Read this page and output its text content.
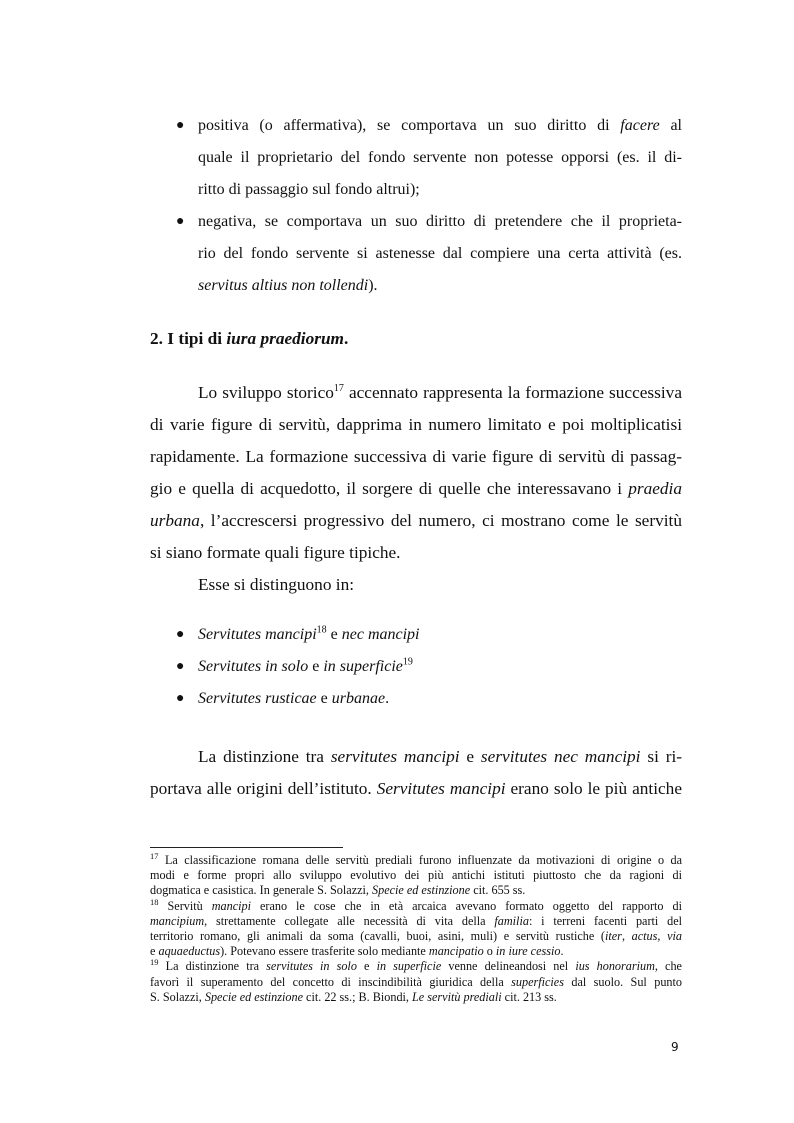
● positiva (o affermativa), se comportava un suo diritto di facere al
quale il proprietario del fondo servente non potesse opporsi (es. il di-
ritto di passaggio sul fondo altrui);
● negativa, se comportava un suo diritto di pretendere che il proprieta-
rio del fondo servente si astenesse dal compiere una certa attività (es.
servitus altius non tollendi).
2. I tipi di iura praediorum.
Lo sviluppo storico$^{17}$ accennato rappresenta la formazione successiva
di varie figure di servitù, dapprima in numero limitato e poi moltiplicatisi
rapidamente. La formazione successiva di varie figure di servitù di passag-
gio e quella di acquedotto, il sorgere di quelle che interessavano i praedia
urbana, l’accrescersi progressivo del numero, ci mostrano come le servitù
si siano formate quali figure tipiche.
Esse si distinguono in:
● Servitutes mancipi$^{18}$ e nec mancipi
● Servitutes in solo e in superficie$^{19}$
● Servitutes rusticae e urbanae.
La distinzione tra servitutes mancipi e servitutes nec mancipi si ri-
portava alle origini dell’istituto. Servitutes mancipi erano solo le più antiche
$^{17}$ La classificazione romana delle servitù prediali furono influenzate da motivazioni di origine o da
modi e forme propri allo sviluppo evolutivo dei più antichi istituti piuttosto che da ragioni di
dogmatica e casistica. In generale S. Solazzi, Specie ed estinzione cit. 655 ss.
$^{18}$ Servitù mancipi erano le cose che in età arcaica avevano formato oggetto del rapporto di
mancipium, strettamente collegate alle necessità di vita della familia: i terreni facenti parti del
territorio romano, gli animali da soma (cavalli, buoi, asini, muli) e servitù rustiche (iter, actus, via
e aquaeductus). Potevano essere trasferite solo mediante mancipatio o in iure cessio.
$^{19}$ La distinzione tra servitutes in solo e in superficie venne delineandosi nel ius honorarium, che
favorì il superamento del concetto di inscindibilità giuridica della superficies dal suolo. Sul punto
S. Solazzi, Specie ed estinzione cit. 22 ss.; B. Biondi, Le servitù prediali cit. 213 ss.
9
